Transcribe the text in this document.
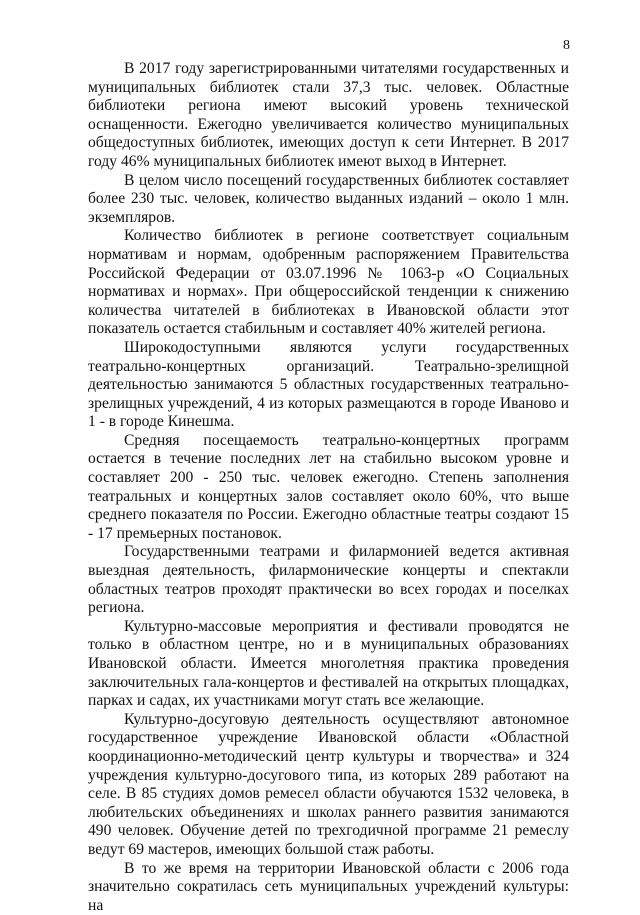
8

В 2017 году зарегистрированными читателями государственных и муниципальных библиотек стали 37,3 тыс. человек. Областные библиотеки региона имеют высокий уровень технической оснащенности. Ежегодно увеличивается количество муниципальных общедоступных библиотек, имеющих доступ к сети Интернет. В 2017 году 46% муниципальных библиотек имеют выход в Интернет.

В целом число посещений государственных библиотек составляет более 230 тыс. человек, количество выданных изданий – около 1 млн. экземпляров.

Количество библиотек в регионе соответствует социальным нормативам и нормам, одобренным распоряжением Правительства Российской Федерации от 03.07.1996 № 1063-р «О Социальных нормативах и нормах». При общероссийской тенденции к снижению количества читателей в библиотеках в Ивановской области этот показатель остается стабильным и составляет 40% жителей региона.

Широкодоступными являются услуги государственных театрально-концертных организаций. Театрально-зрелищной деятельностью занимаются 5 областных государственных театрально-зрелищных учреждений, 4 из которых размещаются в городе Иваново и 1 - в городе Кинешма.

Средняя посещаемость театрально-концертных программ остается в течение последних лет на стабильно высоком уровне и составляет 200 - 250 тыс. человек ежегодно. Степень заполнения театральных и концертных залов составляет около 60%, что выше среднего показателя по России. Ежегодно областные театры создают 15 - 17 премьерных постановок.

Государственными театрами и филармонией ведется активная выездная деятельность, филармонические концерты и спектакли областных театров проходят практически во всех городах и поселках региона.

Культурно-массовые мероприятия и фестивали проводятся не только в областном центре, но и в муниципальных образованиях Ивановской области. Имеется многолетняя практика проведения заключительных гала-концертов и фестивалей на открытых площадках, парках и садах, их участниками могут стать все желающие.

Культурно-досуговую деятельность осуществляют автономное государственное учреждение Ивановской области «Областной координационно-методический центр культуры и творчества» и 324 учреждения культурно-досугового типа, из которых 289 работают на селе. В 85 студиях домов ремесел области обучаются 1532 человека, в любительских объединениях и школах раннего развития занимаются 490 человек. Обучение детей по трехгодичной программе 21 ремеслу ведут 69 мастеров, имеющих большой стаж работы.

В то же время на территории Ивановской области с 2006 года значительно сократилась сеть муниципальных учреждений культуры: на
